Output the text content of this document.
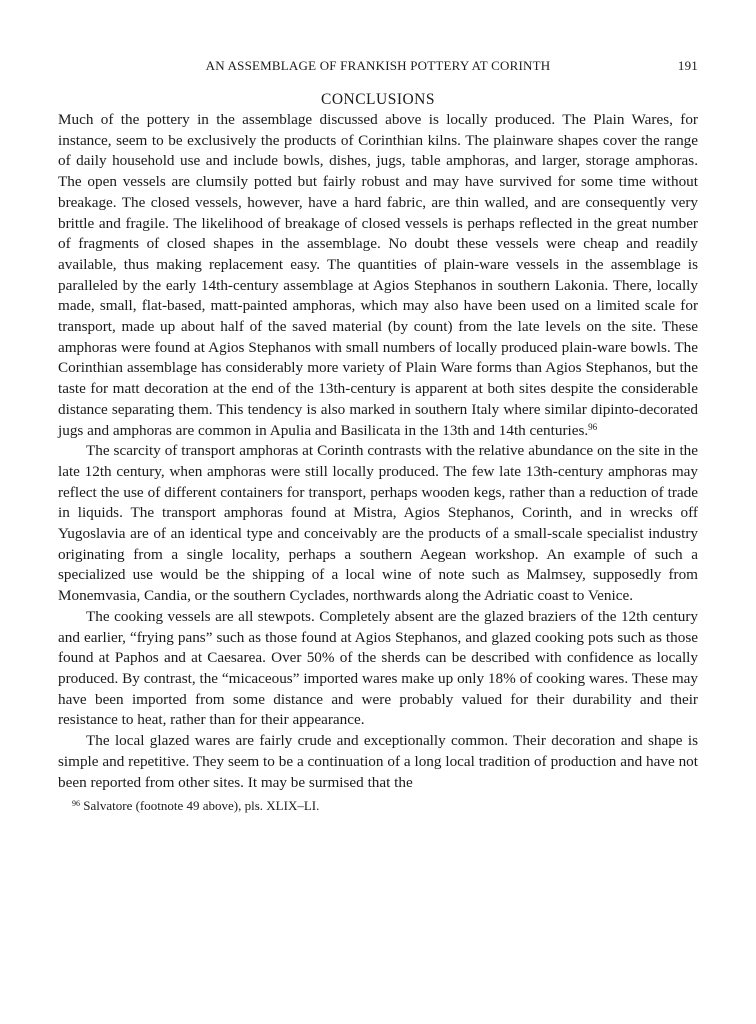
AN ASSEMBLAGE OF FRANKISH POTTERY AT CORINTH	191
CONCLUSIONS

Much of the pottery in the assemblage discussed above is locally produced. The Plain Wares, for instance, seem to be exclusively the products of Corinthian kilns. The plainware shapes cover the range of daily household use and include bowls, dishes, jugs, table amphoras, and larger, storage amphoras. The open vessels are clumsily potted but fairly robust and may have survived for some time without breakage. The closed vessels, however, have a hard fabric, are thin walled, and are consequently very brittle and fragile. The likelihood of breakage of closed vessels is perhaps reflected in the great number of fragments of closed shapes in the assemblage. No doubt these vessels were cheap and readily available, thus making replacement easy. The quantities of plain-ware vessels in the assemblage is paralleled by the early 14th-century assemblage at Agios Stephanos in southern Lakonia. There, locally made, small, flat-based, matt-painted amphoras, which may also have been used on a limited scale for transport, made up about half of the saved material (by count) from the late levels on the site. These amphoras were found at Agios Stephanos with small numbers of locally produced plain-ware bowls. The Corinthian assemblage has considerably more variety of Plain Ware forms than Agios Stephanos, but the taste for matt decoration at the end of the 13th-century is apparent at both sites despite the considerable distance separating them. This tendency is also marked in southern Italy where similar dipinto-decorated jugs and amphoras are common in Apulia and Basilicata in the 13th and 14th centuries.$^{96}$

The scarcity of transport amphoras at Corinth contrasts with the relative abundance on the site in the late 12th century, when amphoras were still locally produced. The few late 13th-century amphoras may reflect the use of different containers for transport, perhaps wooden kegs, rather than a reduction of trade in liquids. The transport amphoras found at Mistra, Agios Stephanos, Corinth, and in wrecks off Yugoslavia are of an identical type and conceivably are the products of a small-scale specialist industry originating from a single locality, perhaps a southern Aegean workshop. An example of such a specialized use would be the shipping of a local wine of note such as Malmsey, supposedly from Monemvasia, Candia, or the southern Cyclades, northwards along the Adriatic coast to Venice.

The cooking vessels are all stewpots. Completely absent are the glazed braziers of the 12th century and earlier, “frying pans” such as those found at Agios Stephanos, and glazed cooking pots such as those found at Paphos and at Caesarea. Over 50% of the sherds can be described with confidence as locally produced. By contrast, the “micaceous” imported wares make up only 18% of cooking wares. These may have been imported from some distance and were probably valued for their durability and their resistance to heat, rather than for their appearance.

The local glazed wares are fairly crude and exceptionally common. Their decoration and shape is simple and repetitive. They seem to be a continuation of a long local tradition of production and have not been reported from other sites. It may be surmised that the

$^{96}$ Salvatore (footnote 49 above), pls. XLIX–LI.
